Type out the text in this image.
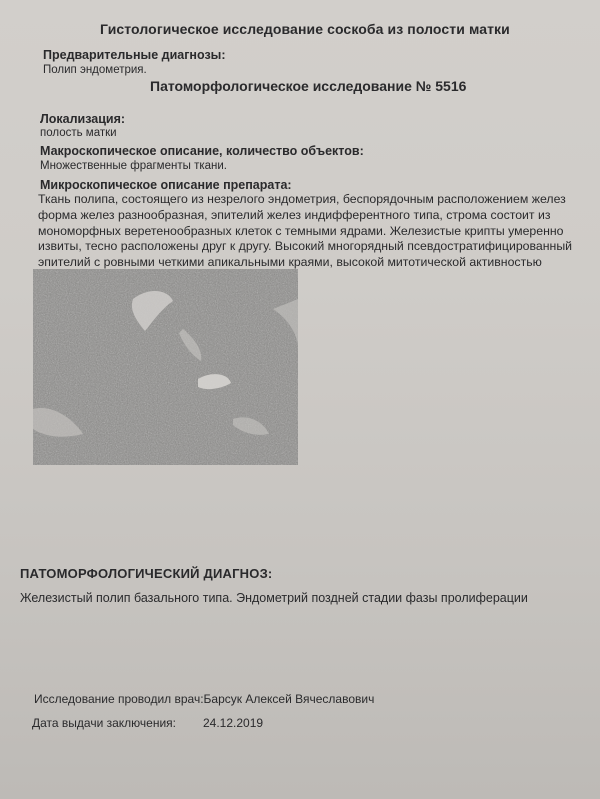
Гистологическое исследование соскоба из полости матки
Предварительные диагнозы:
Полип эндометрия.
Патоморфологическое исследование № 5516
Локализация:
полость матки
Макроскопическое описание, количество объектов:
Множественные фрагменты ткани.
Микроскопическое описание препарата:
Ткань полипа, состоящего из незрелого эндометрия, беспорядочным расположением желез
форма желез разнообразная, эпителий желез индифферентного типа, строма состоит из
мономорфных веретенообразных клеток с темными ядрами. Железистые крипты умеренно
извиты, тесно расположены друг к другу. Высокий многорядный псевдостратифицированный
эпителий с ровными четкими апикальными краями, высокой митотической активностью
ПАТОМОРФОЛОГИЧЕСКИЙ ДИАГНОЗ:
Железистый полип базального типа. Эндометрий поздней стадии фазы пролиферации
Исследование проводил врач:Барсук Алексей Вячеславович
Дата выдачи заключения: 24.12.2019
